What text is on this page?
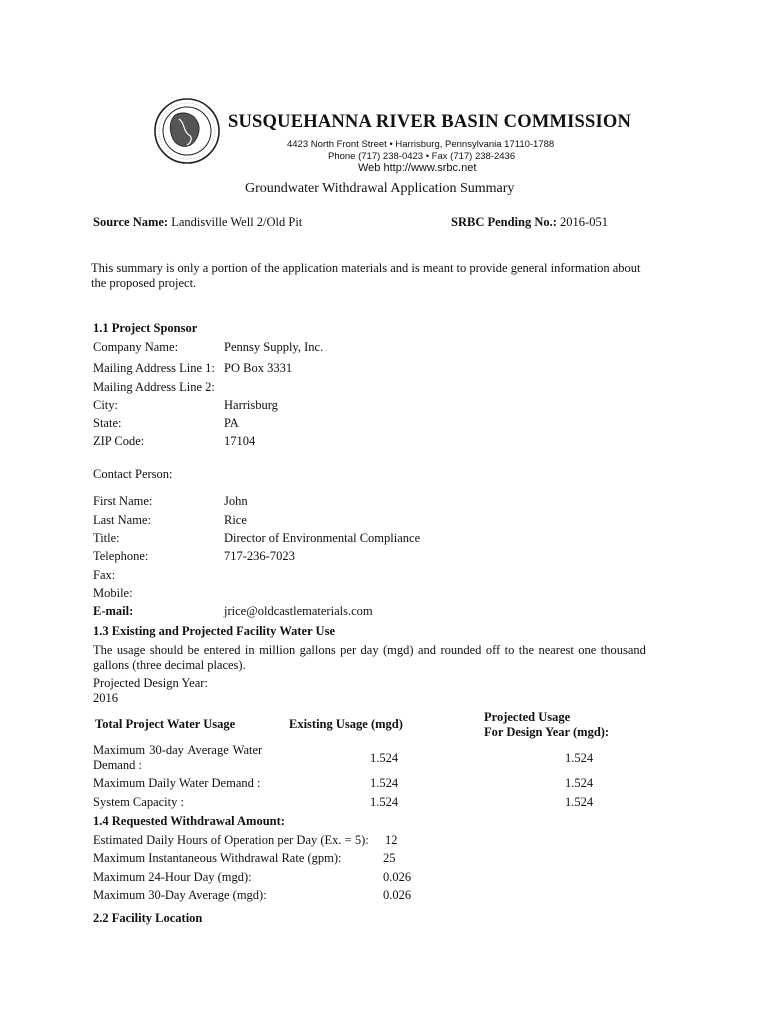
SUSQUEHANNA RIVER BASIN COMMISSION
4423 North Front Street • Harrisburg, Pennsylvania 17110-1788
Phone (717) 238-0423 • Fax (717) 238-2436
Web http://www.srbc.net
Groundwater Withdrawal Application Summary
Source Name: Landisville Well 2/Old Pit	SRBC Pending No.: 2016-051
This summary is only a portion of the application materials and is meant to provide general information about
the proposed project.
1.1 Project Sponsor
Company Name:	Pennsy Supply, Inc.
Mailing Address Line 1: PO Box 3331
Mailing Address Line 2:
City:	Harrisburg
State:	PA
ZIP Code:	17104
Contact Person:
First Name:	John
Last Name:	Rice
Title:	Director of Environmental Compliance
Telephone:	717-236-7023
Fax:
Mobile:
E-mail:	jrice@oldcastlematerials.com
1.3 Existing and Projected Facility Water Use
The usage should be entered in million gallons per day (mgd) and rounded off to the nearest one thousand
gallons (three decimal places).
Projected Design Year:
2016
Total Project Water Usage	Existing Usage (mgd)	Projected Usage
For Design Year (mgd):
Maximum 30-day Average Water
Demand :	1.524	1.524
Maximum Daily Water Demand :	1.524	1.524
System Capacity :	1.524	1.524
1.4 Requested Withdrawal Amount:
Estimated Daily Hours of Operation per Day (Ex. = 5): 12
Maximum Instantaneous Withdrawal Rate (gpm):	25
Maximum 24-Hour Day (mgd):	0.026
Maximum 30-Day Average (mgd):	0.026
2.2 Facility Location
